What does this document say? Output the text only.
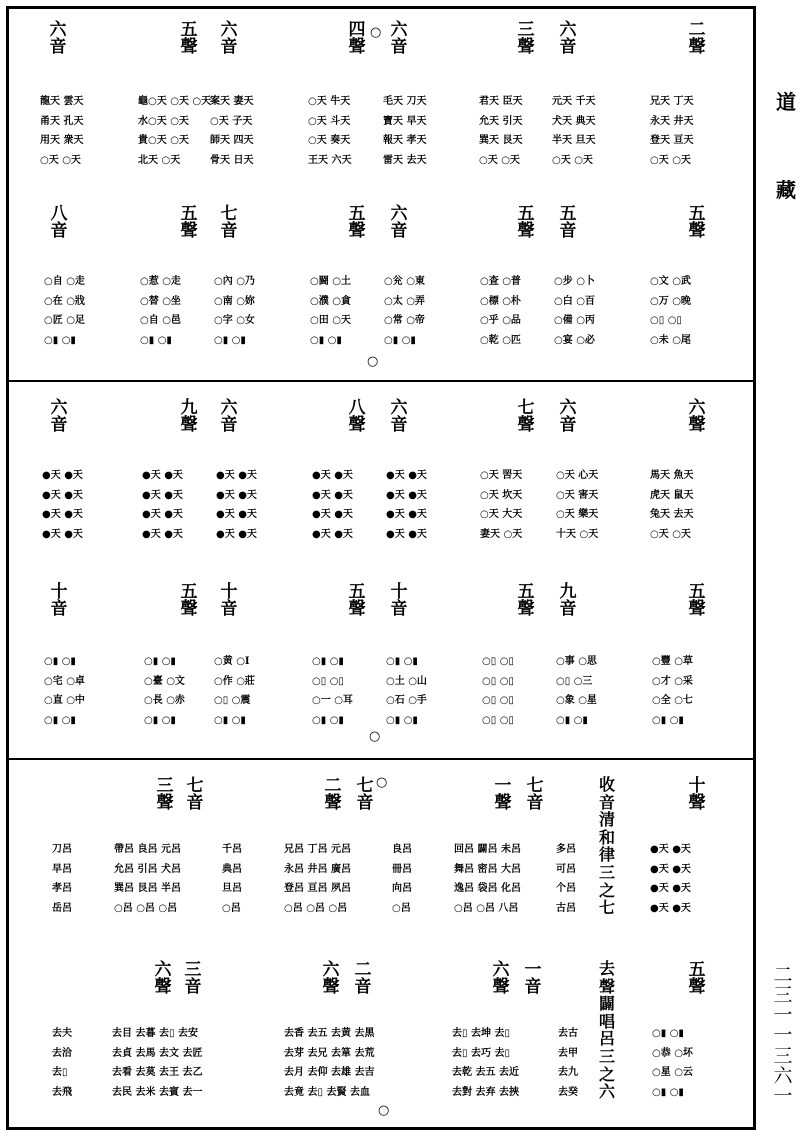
道
藏
二三一一三六一
六音
五聲
六音
四聲
○ 六音
三聲
六音
二聲
龍天 雲天
甬天 孔天
用天 衆天
○天 ○天
龜○天 ○天 ○天
水○天 ○天
貴○天 ○天
北天 ○天
案天 妻天
○天 子天
師天 四天
骨天 日天
○天 牛天
○天 斗天
○天 奏天
王天 六天
毛天 刀天
寶天 早天
報天 孝天
雷天 去天
君天 臣天
允天 引天
巽天 艮天
○天 ○天
元天 千天
犬天 典天
半天 旦天
○天 ○天
兄天 丁天
永天 井天
登天 亘天
○天 ○天
八音
五聲
七音
五聲
六音
五聲
五音
五聲
○自 ○走
○在 ○戕
○匠 ○足
○▮ ○▮
○惹 ○走
○替 ○坐
○自 ○邑
○▮ ○▮
○內 ○乃
○南 ○妳
○字 ○女
○▮ ○▮
○闘 ○土
○濮 ○貪
○田 ○天
○▮ ○▮
○兊 ○東
○太 ○弄
○常 ○帝
○▮ ○▮
○查 ○普
○標 ○朴
○乎 ○品
○乾 ○匹
○步 ○卜
○白 ○百
○備 ○丙
○宴 ○必
○文 ○武
○万 ○晚
○▯ ○▯
○未 ○尾
○
六音
九聲
六音
八聲
六音
七聲
六音
六聲
●天 ●天
●天 ●天
●天 ●天
●天 ●天
●天 ●天
●天 ●天
●天 ●天
●天 ●天
●天 ●天
●天 ●天
●天 ●天
●天 ●天
●天 ●天
●天 ●天
●天 ●天
●天 ●天
●天 ●天
●天 ●天
●天 ●天
●天 ●天
○天 罟天
○天 坎天
○天 大天
妻天 ○天
○天 心天
○天 害天
○天 樂天
十天 ○天
馬天 魚天
虎天 鼠天
兔天 去天
○天 ○天
十音
五聲
十音
五聲
十音
五聲
九音
五聲
○▮ ○▮
○宅 ○卓
○直 ○中
○▮ ○▮
○▮ ○▮
○臺 ○文
○長 ○赤
○▮ ○▮
○黄 ○Ⅰ
○作 ○莊
○▯ ○震
○▮ ○▮
○▮ ○▮
○▯ ○▯
○一 ○耳
○▮ ○▮
○▮ ○▮
○土 ○山
○石 ○手
○▮ ○▮
○▯ ○▯
○▯ ○▯
○▯ ○▯
○▯ ○▯
○事 ○思
○▯ ○三
○象 ○星
○▮ ○▮
○豐 ○草
○才 ○采
○全 ○七
○▮ ○▮
○
三聲
七音
二聲
七音
○	一聲
七音
收音清和律三之七
十聲
刀呂
早呂
孝呂
岳呂
帶呂 良呂 元呂
允呂 引呂 犬呂
巽呂 艮呂 半呂
○呂 ○呂 ○呂
千呂
典呂
旦呂
○呂
兄呂 丁呂 元呂
永呂 井呂 廣呂
登呂 亘呂 夙呂
○呂 ○呂 ○呂
良呂
冊呂
向呂
○呂
回呂 闢呂 未呂
舞呂 密呂 大呂
逸呂 袋呂 化呂
○呂 ○呂 八呂
多呂
可呂
个呂
古呂
●天 ●天
●天 ●天
●天 ●天
●天 ●天
六聲
三音
六聲
二音
六聲
一音
去聲闢唱呂三之六
五聲
去夫
去洽
去▯
去飛
去目 去暮 去▯ 去安
去貞 去馬 去文 去匠
去看 去莫 去王 去乙
去民 去米 去賓 去一
去香 去五 去黄 去黑
去芽 去兄 去箪 去荒
去月 去仰 去雄 去吉
去竟 去▯ 去賢 去血
去▯ 去坤 去▯
去▯ 去巧 去▯
去乾 去五 去近
去對 去弃 去挾
去古
去甲
去九
去癸
○▮ ○▮
○恭 ○坏
○星 ○云
○▮ ○▮
○
